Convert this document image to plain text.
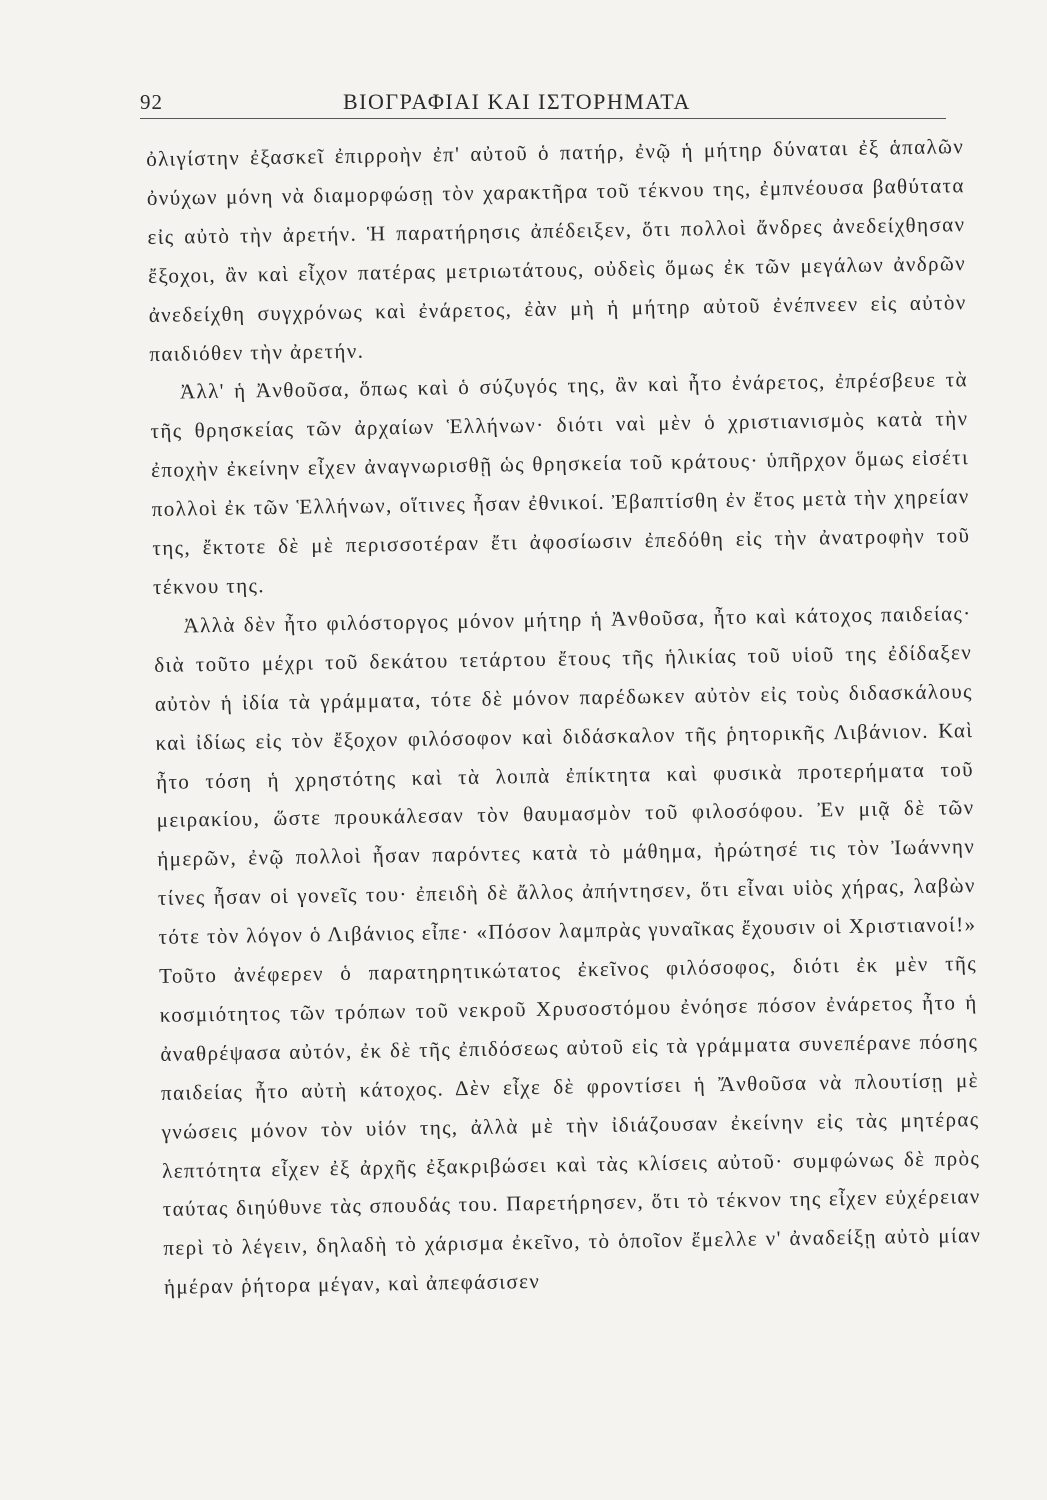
92	ΒΙΟΓΡΑΦΙΑΙ ΚΑΙ ΙΣΤΟΡΗΜΑΤΑ

ὀλιγίστην ἐξασκεῖ ἐπιρροὴν ἐπ' αὐτοῦ ὁ πατήρ, ἐνῷ ἡ μήτηρ δύναται ἐξ ἁπαλῶν ὀνύχων μόνη νὰ διαμορφώσῃ τὸν χαρακτῆρα τοῦ τέκνου της, ἐμπνέουσα βαθύτατα εἰς αὐτὸ τὴν ἀρετήν. Ἡ παρατήρησις ἀπέδειξεν, ὅτι πολλοὶ ἄνδρες ἀνεδείχθησαν ἔξοχοι, ἂν καὶ εἶχον πατέρας μετριωτάτους, οὐδεὶς ὅμως ἐκ τῶν μεγάλων ἀνδρῶν ἀνεδείχθη συγχρόνως καὶ ἐνάρετος, ἐὰν μὴ ἡ μήτηρ αὐτοῦ ἐνέπνεεν εἰς αὐτὸν παιδιόθεν τὴν ἀρετήν.

Ἀλλ' ἡ Ἀνθοῦσα, ὅπως καὶ ὁ σύζυγός της, ἂν καὶ ἦτο ἐνάρετος, ἐπρέσβευε τὰ τῆς θρησκείας τῶν ἀρχαίων Ἑλλήνων· διότι ναὶ μὲν ὁ χριστιανισμὸς κατὰ τὴν ἐποχὴν ἐκείνην εἶχεν ἀναγνωρισθῇ ὡς θρησκεία τοῦ κράτους· ὑπῆρχον ὅμως εἰσέτι πολλοὶ ἐκ τῶν Ἑλλήνων, οἵτινες ἦσαν ἐθνικοί. Ἐβαπτίσθη ἐν ἔτος μετὰ τὴν χηρείαν της, ἔκτοτε δὲ μὲ περισσοτέραν ἔτι ἀφοσίωσιν ἐπεδόθη εἰς τὴν ἀνατροφὴν τοῦ τέκνου της.

Ἀλλὰ δὲν ἦτο φιλόστοργος μόνον μήτηρ ἡ Ἀνθοῦσα, ἦτο καὶ κάτοχος παιδείας· διὰ τοῦτο μέχρι τοῦ δεκάτου τετάρτου ἔτους τῆς ἡλικίας τοῦ υἱοῦ της ἐδίδαξεν αὐτὸν ἡ ἰδία τὰ γράμματα, τότε δὲ μόνον παρέδωκεν αὐτὸν εἰς τοὺς διδασκάλους καὶ ἰδίως εἰς τὸν ἔξοχον φιλόσοφον καὶ διδάσκαλον τῆς ῥητορικῆς Λιβάνιον. Καὶ ἦτο τόση ἡ χρηστότης καὶ τὰ λοιπὰ ἐπίκτητα καὶ φυσικὰ προτερήματα τοῦ μειρακίου, ὥστε προυκάλεσαν τὸν θαυμασμὸν τοῦ φιλοσόφου. Ἐν μιᾷ δὲ τῶν ἡμερῶν, ἐνῷ πολλοὶ ἦσαν παρόντες κατὰ τὸ μάθημα, ἠρώτησέ τις τὸν Ἰωάννην τίνες ἦσαν οἱ γονεῖς του· ἐπειδὴ δὲ ἄλλος ἀπήντησεν, ὅτι εἶναι υἱὸς χήρας, λαβὼν τότε τὸν λόγον ὁ Λιβάνιος εἶπε· «Πόσον λαμπρὰς γυναῖκας ἔχουσιν οἱ Χριστιανοί!» Τοῦτο ἀνέφερεν ὁ παρατηρητικώτατος ἐκεῖνος φιλόσοφος, διότι ἐκ μὲν τῆς κοσμιότητος τῶν τρόπων τοῦ νεκροῦ Χρυσοστόμου ἐνόησε πόσον ἐνάρετος ἦτο ἡ ἀναθρέψασα αὐτόν, ἐκ δὲ τῆς ἐπιδόσεως αὐτοῦ εἰς τὰ γράμματα συνεπέρανε πόσης παιδείας ἦτο αὐτὴ κάτοχος. Δὲν εἶχε δὲ φροντίσει ἡ Ἄνθοῦσα νὰ πλουτίσῃ μὲ γνώσεις μόνον τὸν υἱόν της, ἀλλὰ μὲ τὴν ἰδιάζουσαν ἐκείνην εἰς τὰς μητέρας λεπτότητα εἶχεν ἐξ ἀρχῆς ἐξακριβώσει καὶ τὰς κλίσεις αὐτοῦ· συμφώνως δὲ πρὸς ταύτας διηύθυνε τὰς σπουδάς του. Παρετήρησεν, ὅτι τὸ τέκνον της εἶχεν εὐχέρειαν περὶ τὸ λέγειν, δηλαδὴ τὸ χάρισμα ἐκεῖνο, τὸ ὁποῖον ἔμελλε ν' ἀναδείξῃ αὐτὸ μίαν ἡμέραν ῥήτορα μέγαν, καὶ ἀπεφάσισεν
